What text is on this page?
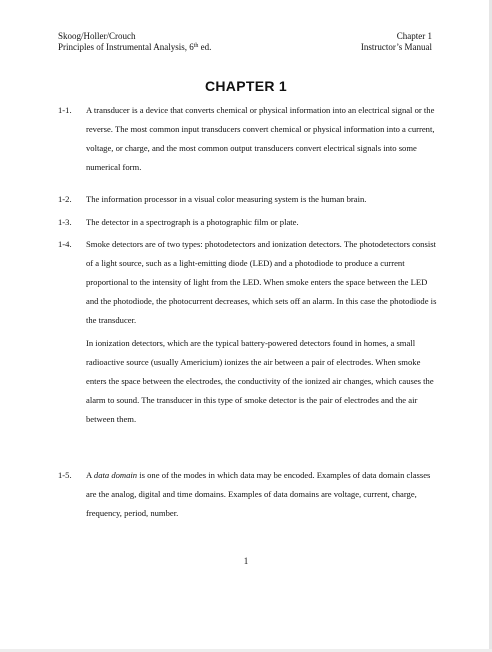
Skoog/Holler/Crouch
Principles of Instrumental Analysis, 6th ed.
Chapter 1
Instructor’s Manual
CHAPTER 1
1-1.	A transducer is a device that converts chemical or physical information into an electrical signal or the reverse. The most common input transducers convert chemical or physical information into a current, voltage, or charge, and the most common output transducers convert electrical signals into some numerical form.

1-2.	The information processor in a visual color measuring system is the human brain.

1-3.	The detector in a spectrograph is a photographic film or plate.

1-4.	Smoke detectors are of two types: photodetectors and ionization detectors. The photodetectors consist of a light source, such as a light-emitting diode (LED) and a photodiode to produce a current proportional to the intensity of light from the LED. When smoke enters the space between the LED and the photodiode, the photocurrent decreases, which sets off an alarm. In this case the photodiode is the transducer.

In ionization detectors, which are the typical battery-powered detectors found in homes, a small radioactive source (usually Americium) ionizes the air between a pair of electrodes. When smoke enters the space between the electrodes, the conductivity of the ionized air changes, which causes the alarm to sound. The transducer in this type of smoke detector is the pair of electrodes and the air between them.

1-5.	A data domain is one of the modes in which data may be encoded. Examples of data domain classes are the analog, digital and time domains. Examples of data domains are voltage, current, charge, frequency, period, number.

1
